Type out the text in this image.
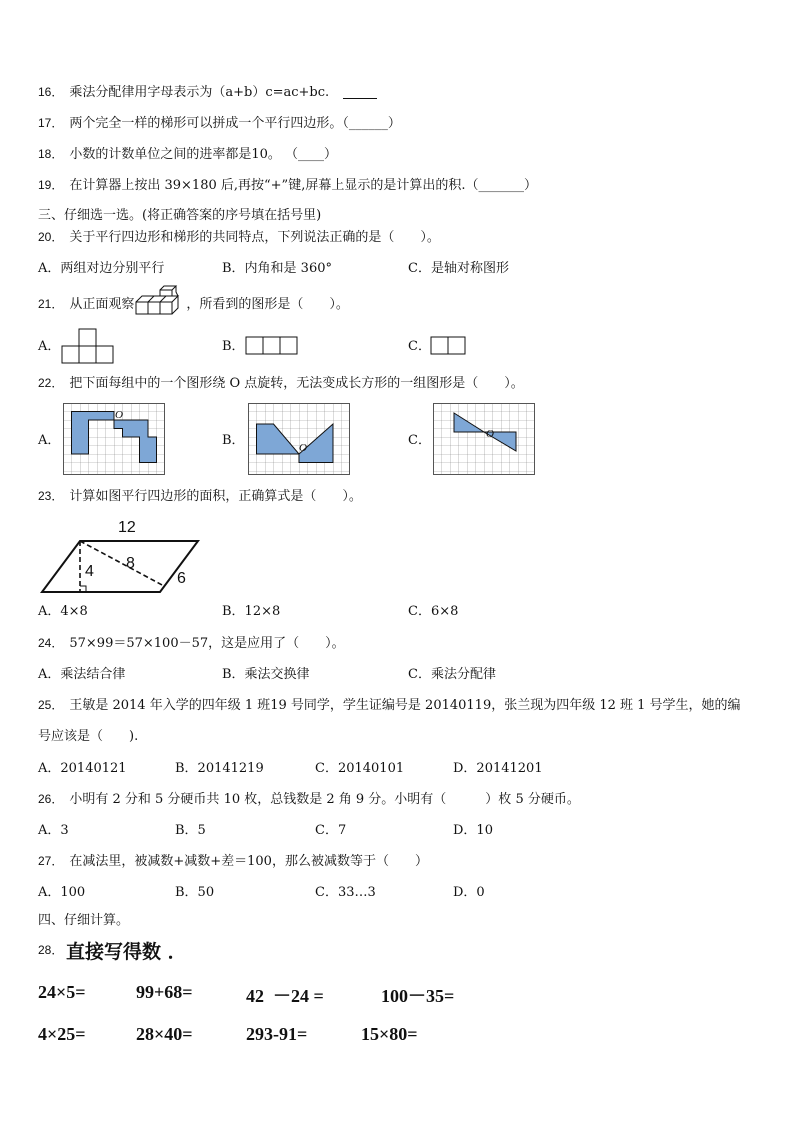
16． 乘法分配律用字母表示为（a+b）c=ac+bc.
17． 两个完全一样的梯形可以拼成一个平行四边形。（______）
18． 小数的计数单位之间的进率都是10。 （____）
19． 在计算器上按出 39×180 后,再按“+”键,屏幕上显示的是计算出的积.（_______）
三、仔细选一选。(将正确答案的序号填在括号里)
20． 关于平行四边形和梯形的共同特点，下列说法正确的是（　　）。
A．两组对边分别平行	B．内角和是 360°	C．是轴对称图形
21． 从正面观察	，所看到的图形是（　　）。
A．	B．	C．
22． 把下面每组中的一个图形绕 O 点旋转，无法变成长方形的一组图形是（　　）。
A．
O
B．	O	C．	O
23． 计算如图平行四边形的面积，正确算式是（　　）。
12
8
4	6
A．4×8	B．12×8	C．6×8
24． 57×99＝57×100－57，这是应用了（　　）。
A．乘法结合律	B．乘法交换律	C．乘法分配律
25． 王敏是 2014 年入学的四年级 1 班19 号同学，学生证编号是 20140119，张兰现为四年级 12 班 1 号学生，她的编
号应该是（　　).
A．20140121	B．20141219	C．20140101	D．20141201
26． 小明有 2 分和 5 分硬币共 10 枚，总钱数是 2 角 9 分。小明有（　　　）枚 5 分硬币。
A．3	B．5	C．7	D．10
27． 在减法里，被减数+减数+差＝100，那么被减数等于（　　）
A．100	B．50	C．33…3	D．0
四、仔细计算。
28． 直接写得数 ．
24×5=	99+68=	42  －24 =	100－35=
4×25=	28×40=	293-91=	15×80=
